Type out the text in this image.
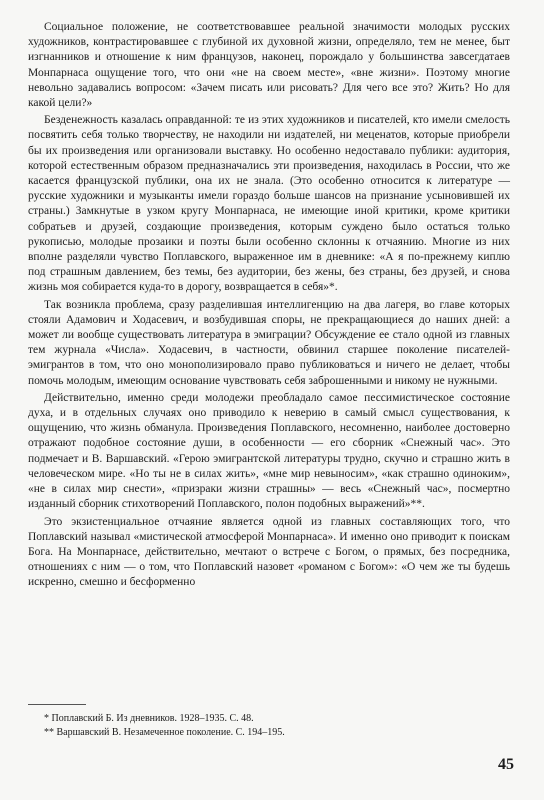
Социальное положение, не соответствовавшее реальной значимости молодых русских художников, контрастировавшее с глубиной их духовной жизни, определяло, тем не менее, быт изгнанников и отношение к ним французов, наконец, порождало у большинства завсегдатаев Монпарнаса ощущение того, что они «не на своем месте», «вне жизни». Поэтому многие невольно задавались вопросом: «Зачем писать или рисовать? Для чего все это? Жить? Но для какой цели?»

Безденежность казалась оправданной: те из этих художников и писателей, кто имели смелость посвятить себя только творчеству, не находили ни издателей, ни меценатов, которые приобрели бы их произведения или организовали выставку. Но особенно недоставало публики: аудитория, которой естественным образом предназначались эти произведения, находилась в России, что же касается французской публики, она их не знала. (Это особенно относится к литературе — русские художники и музыканты имели гораздо больше шансов на признание усыновившей их страны.) Замкнутые в узком кругу Монпарнаса, не имеющие иной критики, кроме критики собратьев и друзей, создающие произведения, которым суждено было остаться только рукописью, молодые прозаики и поэты были особенно склонны к отчаянию. Многие из них вполне разделяли чувство Поплавского, выраженное им в дневнике: «А я по-прежнему киплю под страшным давлением, без темы, без аудитории, без жены, без страны, без друзей, и снова жизнь моя собирается куда-то в дорогу, возвращается в себя»*.

Так возникла проблема, сразу разделившая интеллигенцию на два лагеря, во главе которых стояли Адамович и Ходасевич, и возбудившая споры, не прекращающиеся до наших дней: а может ли вообще существовать литература в эмиграции? Обсуждение ее стало одной из главных тем журнала «Числа». Ходасевич, в частности, обвинил старшее поколение писателей-эмигрантов в том, что оно монополизировало право публиковаться и ничего не делает, чтобы помочь молодым, имеющим основание чувствовать себя заброшенными и никому не нужными.

Действительно, именно среди молодежи преобладало самое пессимистическое состояние духа, и в отдельных случаях оно приводило к неверию в самый смысл существования, к ощущению, что жизнь обманула. Произведения Поплавского, несомненно, наиболее достоверно отражают подобное состояние души, в особенности — его сборник «Снежный час». Это подмечает и В. Варшавский. «Герою эмигрантской литературы трудно, скучно и страшно жить в человеческом мире. «Но ты не в силах жить», «мне мир невыносим», «как страшно одиноким», «не в силах мир снести», «призраки жизни страшны» — весь «Снежный час», посмертно изданный сборник стихотворений Поплавского, полон подобных выражений»**.

Это экзистенциальное отчаяние является одной из главных составляющих того, что Поплавский называл «мистической атмосферой Монпарнаса». И именно оно приводит к поискам Бога. На Монпарнасе, действительно, мечтают о встрече с Богом, о прямых, без посредника, отношениях с ним — о том, что Поплавский назовет «романом с Богом»: «О чем же ты будешь искренно, смешно и бесформенно

* Поплавский Б. Из дневников. 1928–1935. С. 48.

** Варшавский В. Незамеченное поколение. С. 194–195.

45
